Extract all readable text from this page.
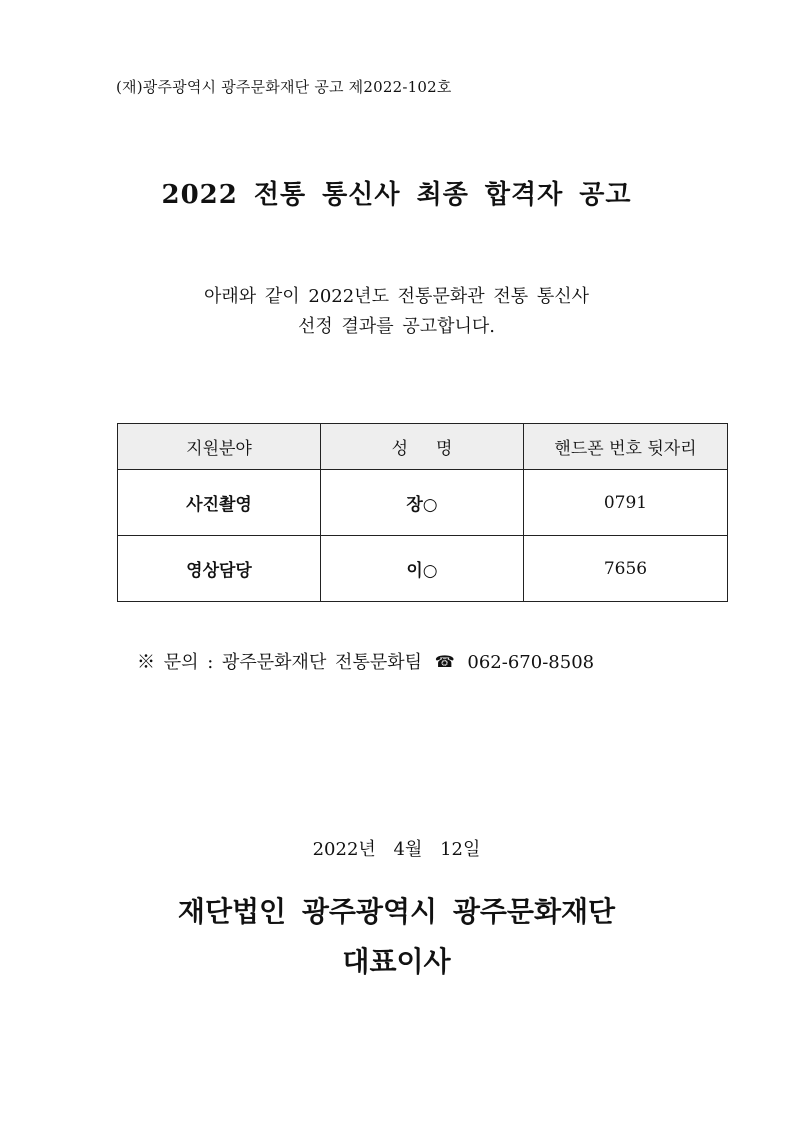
(재)광주광역시 광주문화재단 공고 제2022-102호
2022 전통 통신사 최종 합격자 공고
아래와 같이 2022년도 전통문화관 전통 통신사
선정 결과를 공고합니다.
지원분야	성명	핸드폰 번호 뒷자리
사진촬영	장○	0791
영상담당	이○	7656
※ 문의 : 광주문화재단 전통문화팀 ☎ 062-670-8508
2022년 4월 12일
재단법인 광주광역시 광주문화재단
대표이사
